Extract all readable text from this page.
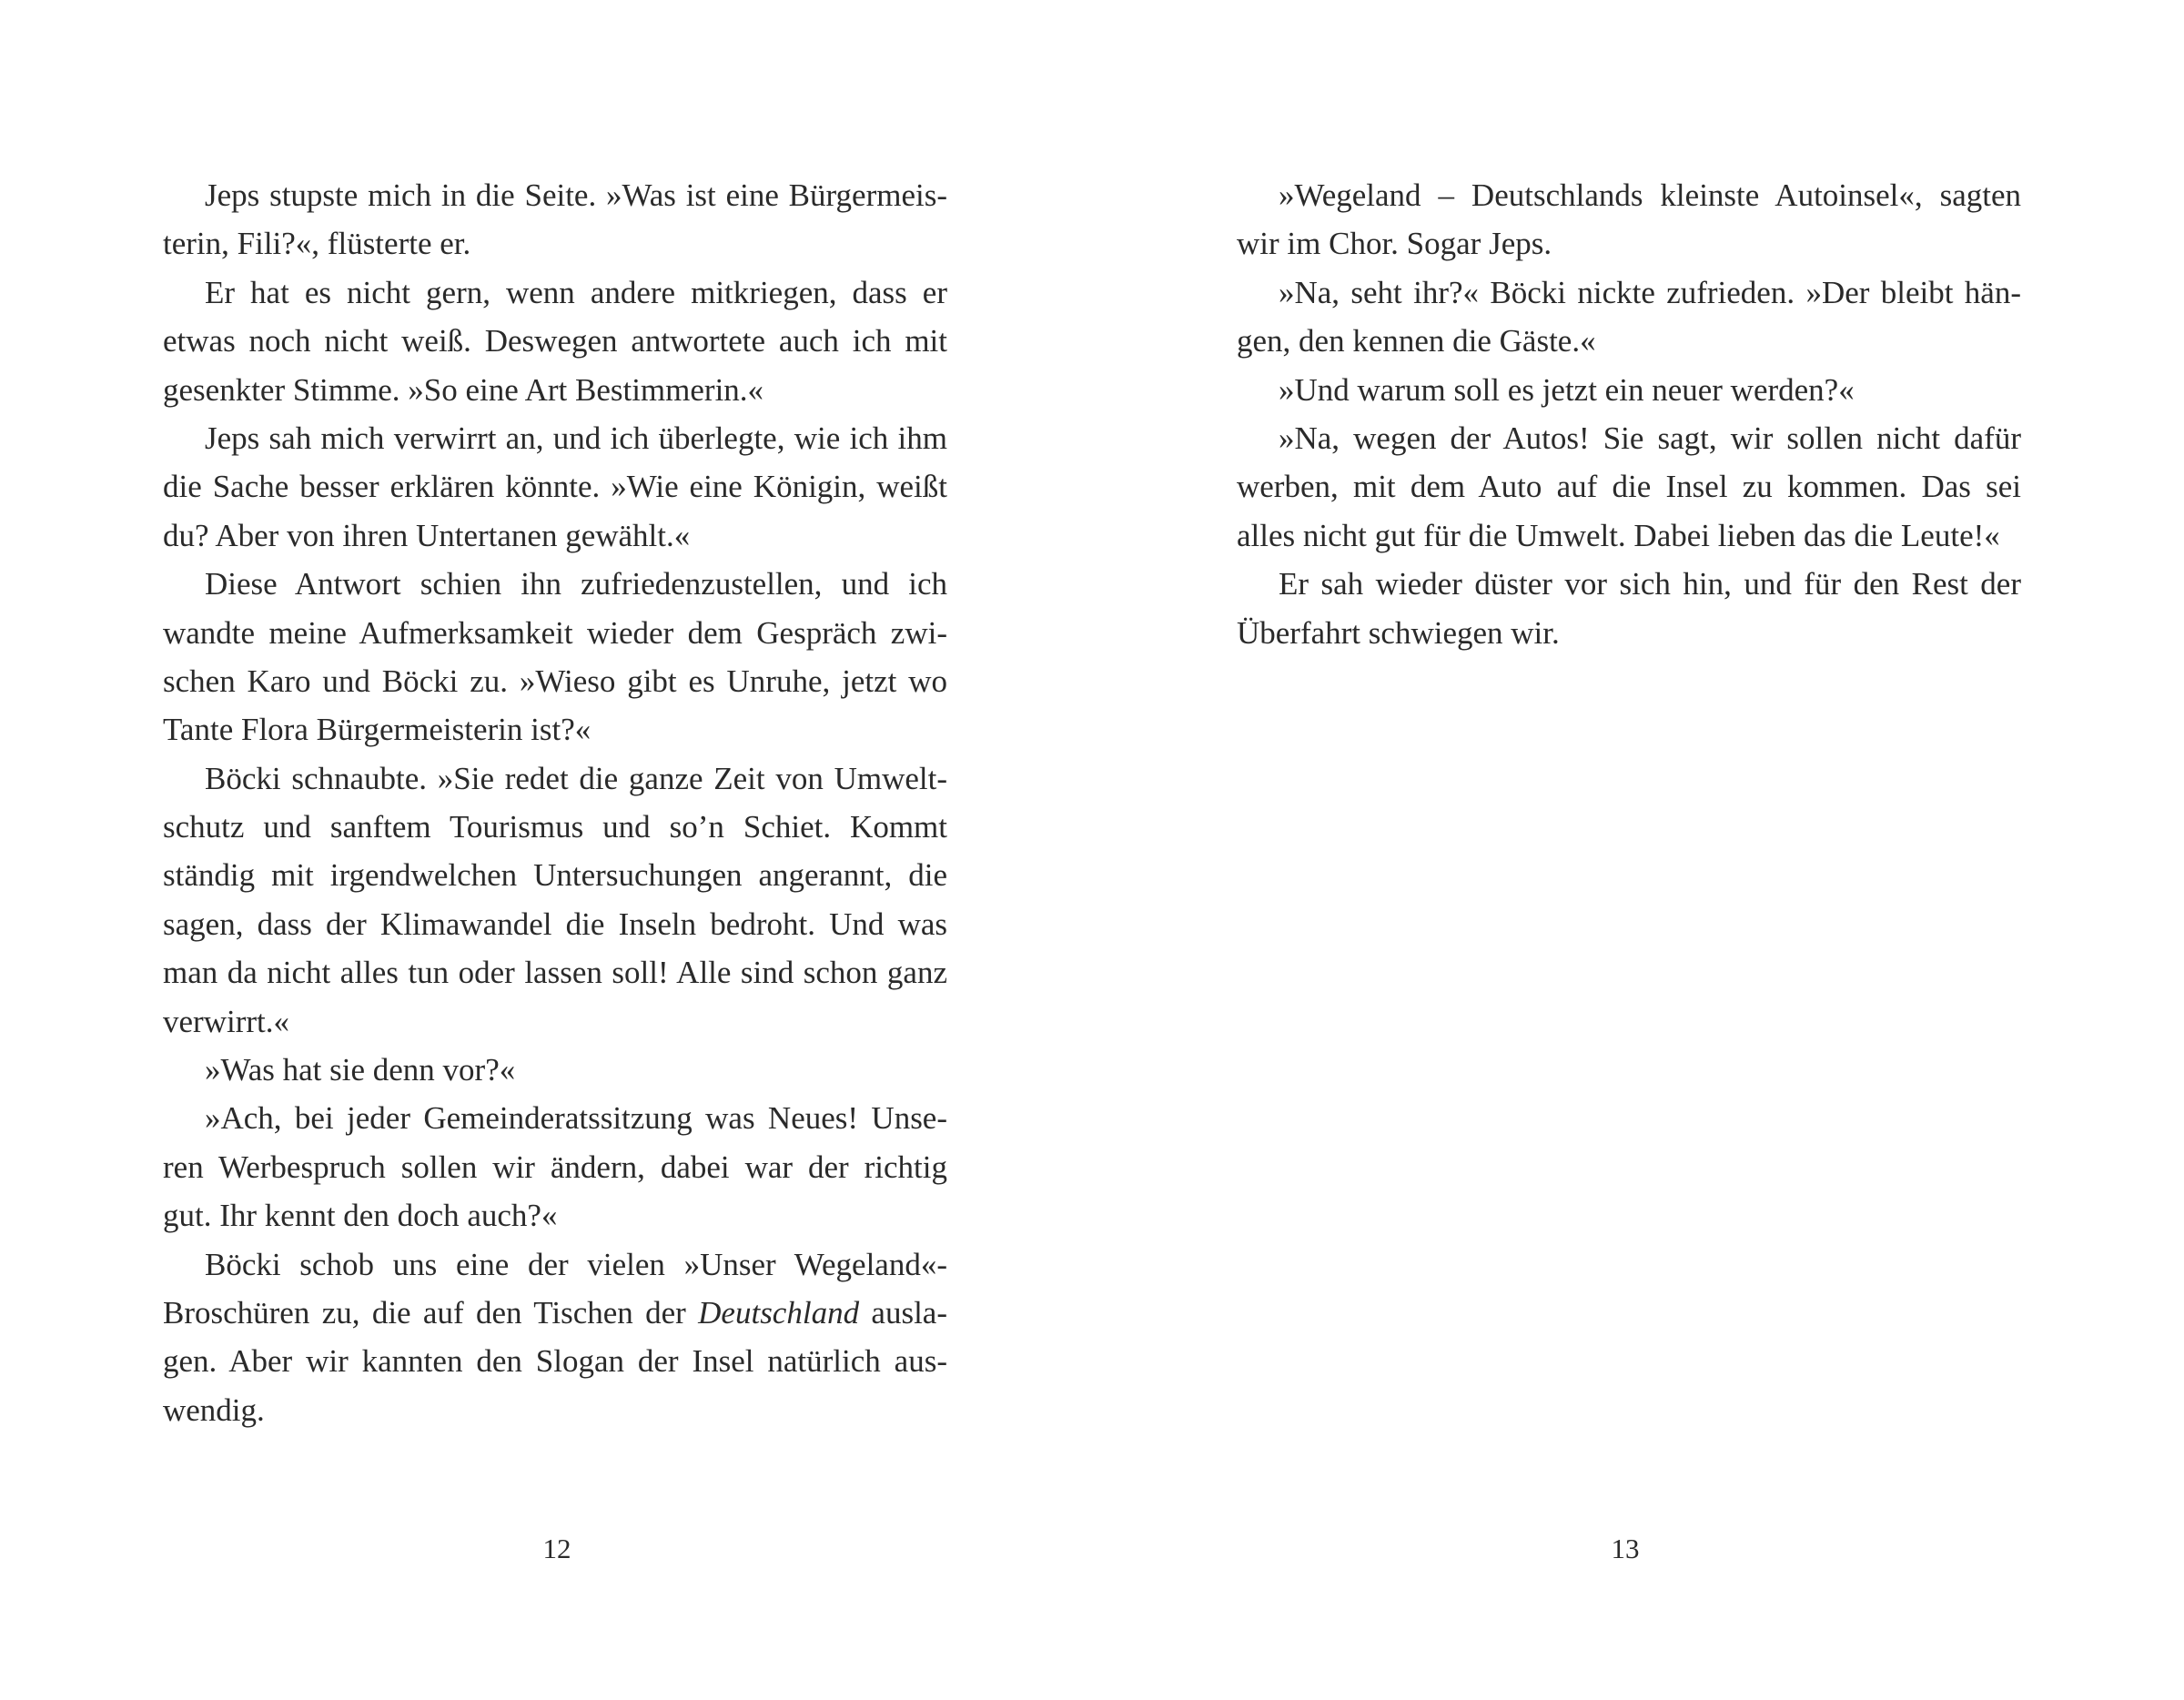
Jeps stupste mich in die Seite. »Was ist eine Bürgermeis-
terin, Fili?«, flüsterte er.
Er hat es nicht gern, wenn andere mitkriegen, dass er
etwas noch nicht weiß. Deswegen antwortete auch ich mit
gesenkter Stimme. »So eine Art Bestimmerin.«
Jeps sah mich verwirrt an, und ich überlegte, wie ich ihm
die Sache besser erklären könnte. »Wie eine Königin, weißt
du? Aber von ihren Untertanen gewählt.«
Diese Antwort schien ihn zufriedenzustellen, und ich
wandte meine Aufmerksamkeit wieder dem Gespräch zwi-
schen Karo und Böcki zu. »Wieso gibt es Unruhe, jetzt wo
Tante Flora Bürgermeisterin ist?«
Böcki schnaubte. »Sie redet die ganze Zeit von Umwelt-
schutz und sanftem Tourismus und so’n Schiet. Kommt
ständig mit irgendwelchen Untersuchungen angerannt, die
sagen, dass der Klimawandel die Inseln bedroht. Und was
man da nicht alles tun oder lassen soll! Alle sind schon ganz
verwirrt.«
»Was hat sie denn vor?«
»Ach, bei jeder Gemeinderatssitzung was Neues! Unse-
ren Werbespruch sollen wir ändern, dabei war der richtig
gut. Ihr kennt den doch auch?«
Böcki schob uns eine der vielen »Unser Wegeland«-
Broschüren zu, die auf den Tischen der Deutschland ausla-
gen. Aber wir kannten den Slogan der Insel natürlich aus-
wendig.
12
»Wegeland – Deutschlands kleinste Autoinsel«, sagten
wir im Chor. Sogar Jeps.
»Na, seht ihr?« Böcki nickte zufrieden. »Der bleibt hän-
gen, den kennen die Gäste.«
»Und warum soll es jetzt ein neuer werden?«
»Na, wegen der Autos! Sie sagt, wir sollen nicht dafür
werben, mit dem Auto auf die Insel zu kommen. Das sei
alles nicht gut für die Umwelt. Dabei lieben das die Leute!«
Er sah wieder düster vor sich hin, und für den Rest der
Überfahrt schwiegen wir.
13
